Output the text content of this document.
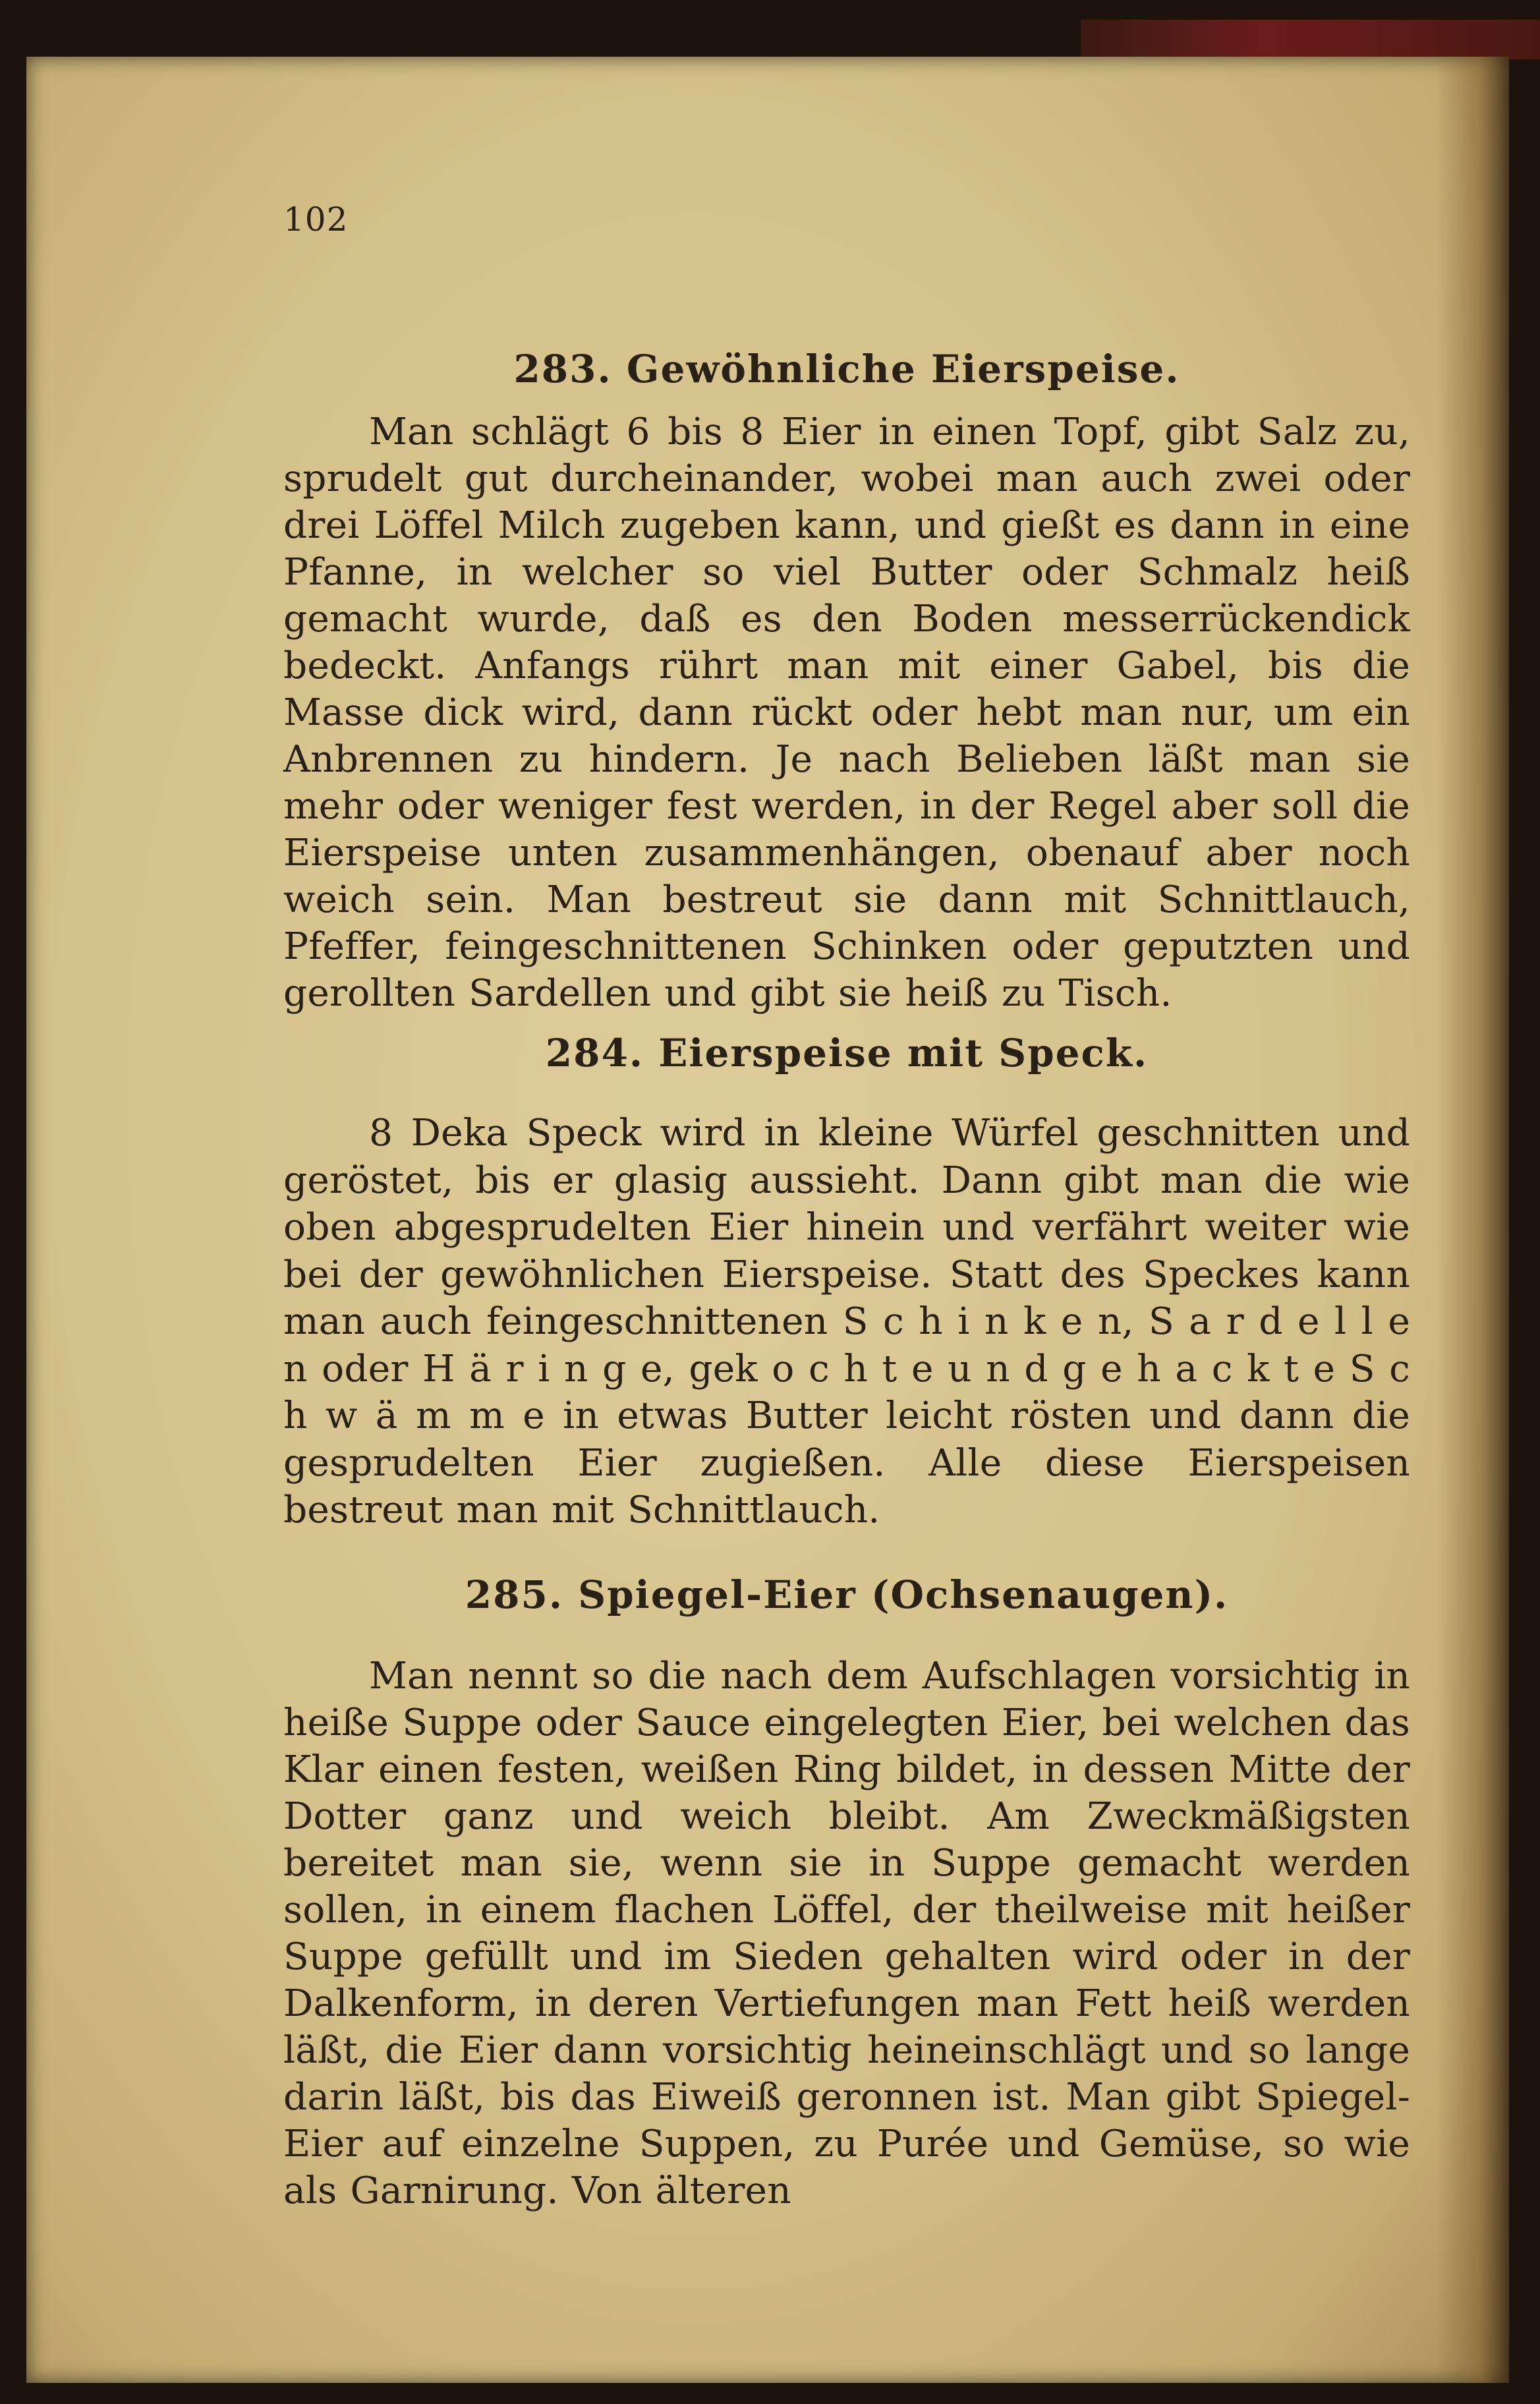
102
283. Gewöhnliche Eierspeise.
Man schlägt 6 bis 8 Eier in einen Topf, gibt Salz zu, sprudelt gut durcheinander, wobei man auch zwei oder drei Löffel Milch zugeben kann, und gießt es dann in eine Pfanne, in welcher so viel Butter oder Schmalz heiß gemacht wurde, daß es den Boden messerrückendick bedeckt. Anfangs rührt man mit einer Gabel, bis die Masse dick wird, dann rückt oder hebt man nur, um ein Anbrennen zu hindern. Je nach Belieben läßt man sie mehr oder weniger fest werden, in der Regel aber soll die Eierspeise unten zusammenhängen, obenauf aber noch weich sein. Man bestreut sie dann mit Schnittlauch, Pfeffer, feingeschnittenen Schinken oder geputzten und gerollten Sardellen und gibt sie heiß zu Tisch.
284. Eierspeise mit Speck.
8 Deka Speck wird in kleine Würfel geschnitten und geröstet, bis er glasig aussieht. Dann gibt man die wie oben abgesprudelten Eier hinein und verfährt weiter wie bei der gewöhnlichen Eierspeise. Statt des Speckes kann man auch feingeschnittenen S c h i n k e n, S a r d e l l e n oder H ä r i n g e, gek o c h t e u n d g e h a c k t e S c h w ä m m e in etwas Butter leicht rösten und dann die gesprudelten Eier zugießen. Alle diese Eierspeisen bestreut man mit Schnittlauch.
285. Spiegel-Eier (Ochsenaugen).
Man nennt so die nach dem Aufschlagen vorsichtig in heiße Suppe oder Sauce eingelegten Eier, bei welchen das Klar einen festen, weißen Ring bildet, in dessen Mitte der Dotter ganz und weich bleibt. Am Zweckmäßigsten bereitet man sie, wenn sie in Suppe gemacht werden sollen, in einem flachen Löffel, der theilweise mit heißer Suppe gefüllt und im Sieden gehalten wird oder in der Dalkenform, in deren Vertiefungen man Fett heiß werden läßt, die Eier dann vorsichtig heineinschlägt und so lange darin läßt, bis das Eiweiß geronnen ist. Man gibt Spiegel-Eier auf einzelne Suppen, zu Purée und Gemüse, so wie als Garnirung. Von älteren
